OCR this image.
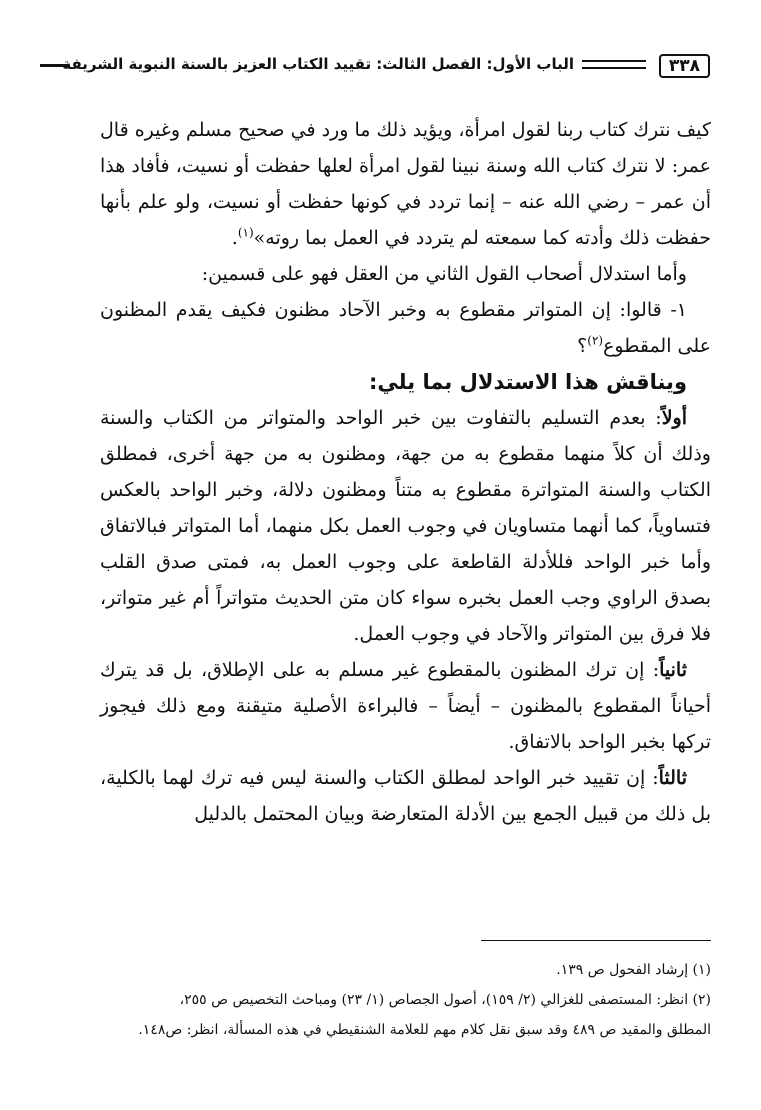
٣٣٨
الباب الأول: الفصل الثالث: تقييد الكتاب العزيز بالسنة النبوية الشريفة

كيف نترك كتاب ربنا لقول امرأة، ويؤيد ذلك ما ورد في صحيح مسلم وغيره قال عمر: لا نترك كتاب الله وسنة نبينا لقول امرأة لعلها حفظت أو نسيت، فأفاد هذا أن عمر – رضي الله عنه – إنما تردد في كونها حفظت أو نسيت، ولو علم بأنها حفظت ذلك وأدته كما سمعته لم يتردد في العمل بما روته»$^{(١)}$.

وأما استدلال أصحاب القول الثاني من العقل فهو على قسمين:

١- قالوا: إن المتواتر مقطوع به وخبر الآحاد مظنون فكيف يقدم المظنون على المقطوع$^{(٢)}$؟

ويناقش هذا الاستدلال بما يلي:

أولاً: بعدم التسليم بالتفاوت بين خبر الواحد والمتواتر من الكتاب والسنة وذلك أن كلاً منهما مقطوع به من جهة، ومظنون به من جهة أخرى، فمطلق الكتاب والسنة المتواترة مقطوع به متناً ومظنون دلالة، وخبر الواحد بالعكس فتساوياً، كما أنهما متساويان في وجوب العمل بكل منهما، أما المتواتر فبالاتفاق وأما خبر الواحد فللأدلة القاطعة على وجوب العمل به، فمتى صدق القلب بصدق الراوي وجب العمل بخبره سواء كان متن الحديث متواتراً أم غير متواتر، فلا فرق بين المتواتر والآحاد في وجوب العمل.

ثانياً: إن ترك المظنون بالمقطوع غير مسلم به على الإطلاق، بل قد يترك أحياناً المقطوع بالمظنون – أيضاً – فالبراءة الأصلية متيقنة ومع ذلك فيجوز تركها بخبر الواحد بالاتفاق.

ثالثاً: إن تقييد خبر الواحد لمطلق الكتاب والسنة ليس فيه ترك لهما بالكلية، بل ذلك من قبيل الجمع بين الأدلة المتعارضة وبيان المحتمل بالدليل

(١) إرشاد الفحول ص ١٣٩.

(٢) انظر: المستصفى للغزالي (٢/ ١٥٩)، أصول الجصاص (١/ ٢٣) ومباحث التخصيص ص ٢٥٥،

المطلق والمقيد ص ٤٨٩ وقد سبق نقل كلام مهم للعلامة الشنقيطي في هذه المسألة، انظر: ص١٤٨.
